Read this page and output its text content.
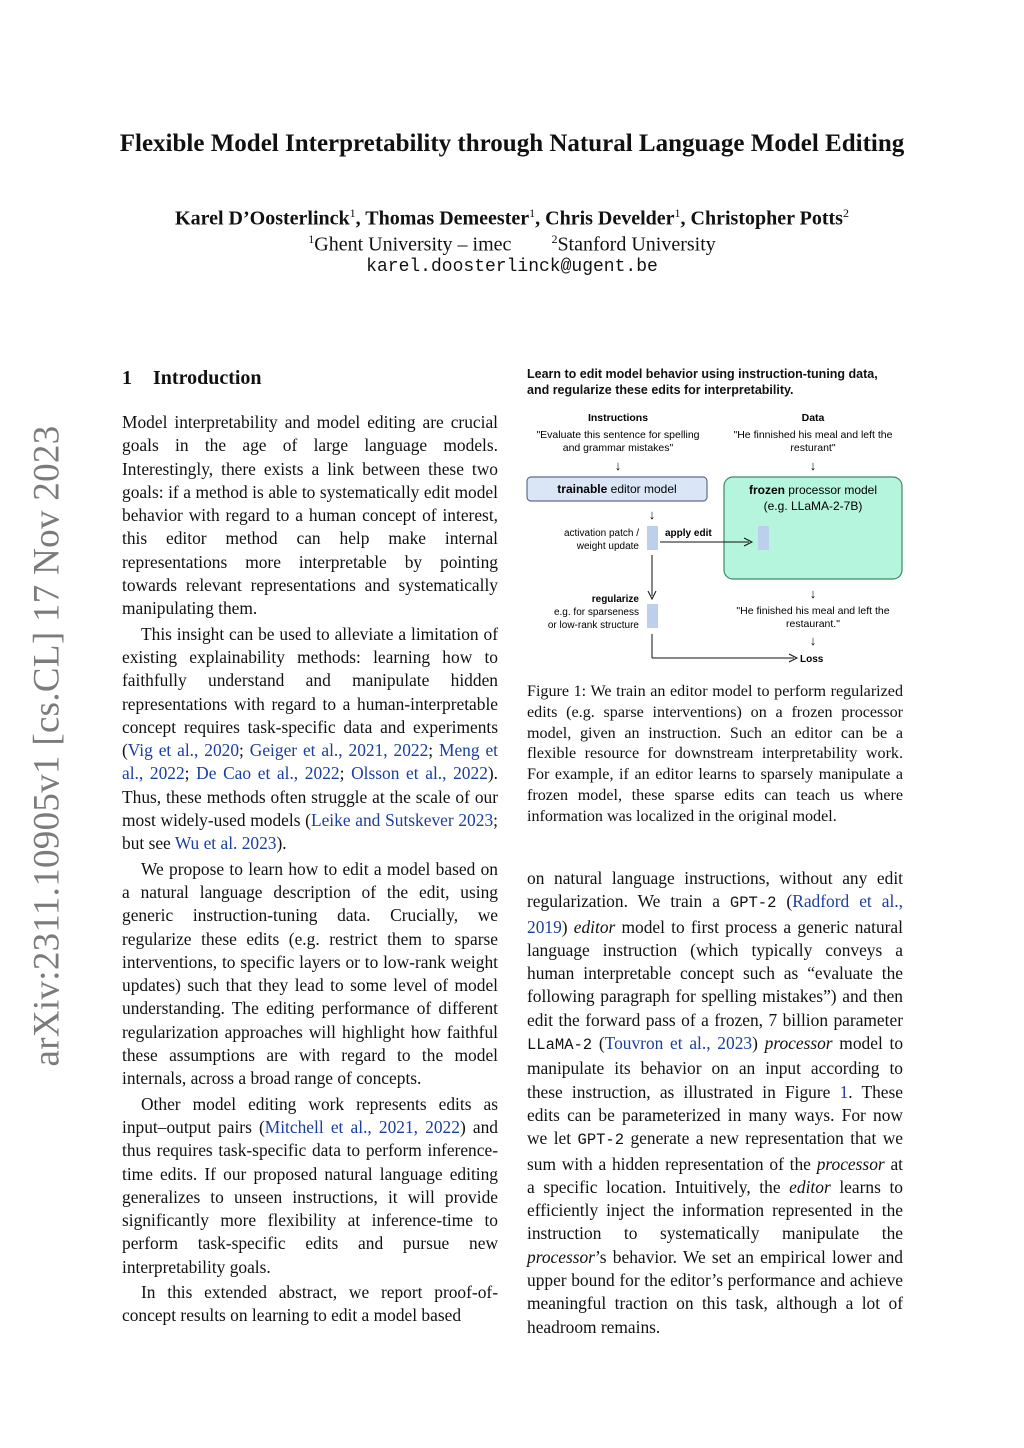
arXiv:2311.10905v1 [cs.CL] 17 Nov 2023
Flexible Model Interpretability through Natural Language Model Editing
Karel D’Oosterlinck$^1$, Thomas Demeester$^1$, Chris Develder$^1$, Christopher Potts$^2$
$^1$Ghent University – imec	$^2$Stanford University
karel.doosterlinck@ugent.be
1 Introduction

Model interpretability and model editing are crucial goals in the age of large language models. Interestingly, there exists a link between these two goals: if a method is able to systematically edit model behavior with regard to a human concept of interest, this editor method can help make internal representations more interpretable by pointing towards relevant representations and systematically manipulating them.

This insight can be used to alleviate a limitation of existing explainability methods: learning how to faithfully understand and manipulate hidden representations with regard to a human-interpretable concept requires task-specific data and experiments (Vig et al., 2020; Geiger et al., 2021, 2022; Meng et al., 2022; De Cao et al., 2022; Olsson et al., 2022). Thus, these methods often struggle at the scale of our most widely-used models (Leike and Sutskever 2023; but see Wu et al. 2023).

We propose to learn how to edit a model based on a natural language description of the edit, using generic instruction-tuning data. Crucially, we regularize these edits (e.g. restrict them to sparse interventions, to specific layers or to low-rank weight updates) such that they lead to some level of model understanding. The editing performance of different regularization approaches will highlight how faithful these assumptions are with regard to the model internals, across a broad range of concepts.

Other model editing work represents edits as input–output pairs (Mitchell et al., 2021, 2022) and thus requires task-specific data to perform inference-time edits. If our proposed natural language editing generalizes to unseen instructions, it will provide significantly more flexibility at inference-time to perform task-specific edits and pursue new interpretability goals.

In this extended abstract, we report proof-of-concept results on learning to edit a model based

Learn to edit model behavior using instruction-tuning data,
and regularize these edits for interpretability.
Instructions
"Evaluate this sentence for spelling
and grammar mistakes"
↓
Data
"He finnished his meal and left the
resturant"
↓
trainable editor model	frozen processor model
(e.g. LLaMA-2-7B)
↓
activation patch /
weight update
apply edit
regularize
e.g. for sparseness
or low-rank structure
↓
"He finished his meal and left the
restaurant."
↓
Loss
Figure 1: We train an editor model to perform regularized edits (e.g. sparse interventions) on a frozen processor model, given an instruction. Such an editor can be a flexible resource for downstream interpretability work. For example, if an editor learns to sparsely manipulate a frozen model, these sparse edits can teach us where information was localized in the original model.

on natural language instructions, without any edit regularization. We train a GPT-2 (Radford et al., 2019) editor model to first process a generic natural language instruction (which typically conveys a human interpretable concept such as “evaluate the following paragraph for spelling mistakes”) and then edit the forward pass of a frozen, 7 billion parameter LLaMA-2 (Touvron et al., 2023) processor model to manipulate its behavior on an input according to these instruction, as illustrated in Figure 1. These edits can be parameterized in many ways. For now we let GPT-2 generate a new representation that we sum with a hidden representation of the processor at a specific location. Intuitively, the editor learns to efficiently inject the information represented in the instruction to systematically manipulate the processor’s behavior. We set an empirical lower and upper bound for the editor’s performance and achieve meaningful traction on this task, although a lot of headroom remains.
